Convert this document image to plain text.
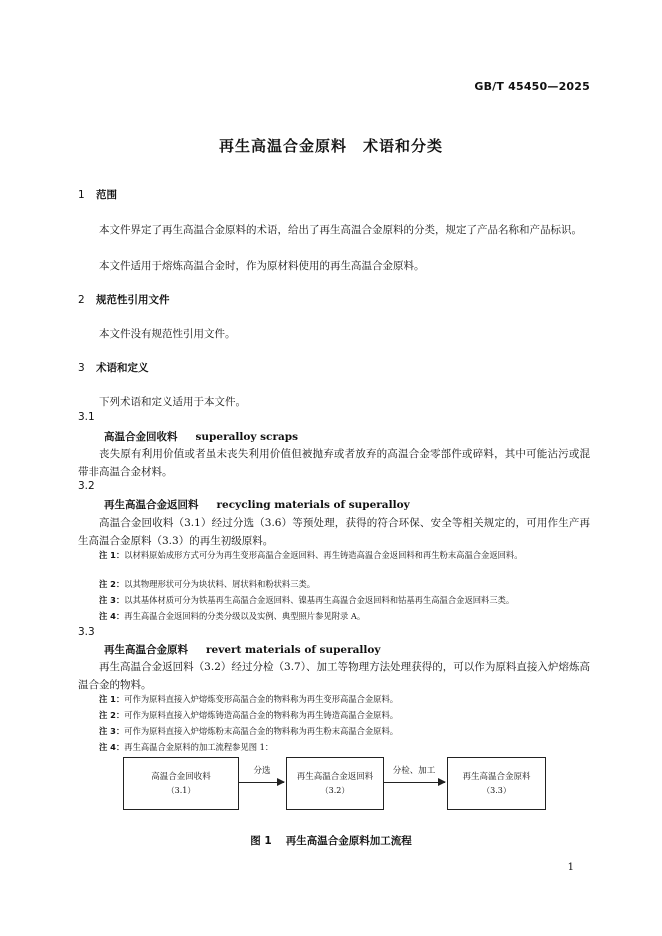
GB/T 45450—2025
再生高温合金原料　术语和分类
1 范围
本文件界定了再生高温合金原料的术语，给出了再生高温合金原料的分类，规定了产品名称和产品标识。
本文件适用于熔炼高温合金时，作为原材料使用的再生高温合金原料。
2 规范性引用文件
本文件没有规范性引用文件。
3 术语和定义
下列术语和定义适用于本文件。
3.1
高温合金回收料 superalloy scraps
丧失原有利用价值或者虽未丧失利用价值但被抛弃或者放弃的高温合金零部件或碎料，其中可能沾污或混带非高温合金材料。
3.2
再生高温合金返回料 recycling materials of superalloy
高温合金回收料（3.1）经过分选（3.6）等预处理，获得的符合环保、安全等相关规定的，可用作生产再生高温合金原料（3.3）的再生初级原料。
注 1：以材料原始成形方式可分为再生变形高温合金返回料、再生铸造高温合金返回料和再生粉末高温合金返回料。
注 2：以其物理形状可分为块状料、屑状料和粉状料三类。
注 3：以其基体材质可分为铁基再生高温合金返回料、镍基再生高温合金返回料和钴基再生高温合金返回料三类。
注 4：再生高温合金返回料的分类分级以及实例、典型照片参见附录 A。
3.3
再生高温合金原料 revert materials of superalloy
再生高温合金返回料（3.2）经过分检（3.7）、加工等物理方法处理获得的，可以作为原料直接入炉熔炼高温合金的物料。
注 1：可作为原料直接入炉熔炼变形高温合金的物料称为再生变形高温合金原料。
注 2：可作为原料直接入炉熔炼铸造高温合金的物料称为再生铸造高温合金原料。
注 3：可作为原料直接入炉熔炼粉末高温合金的物料称为再生粉末高温合金原料。
注 4：再生高温合金原料的加工流程参见图 1：
高温合金回收料
（3.1）
分选
再生高温合金返回料
（3.2）
分检、加工
再生高温合金原料
（3.3）
图 1 再生高温合金原料加工流程
1
